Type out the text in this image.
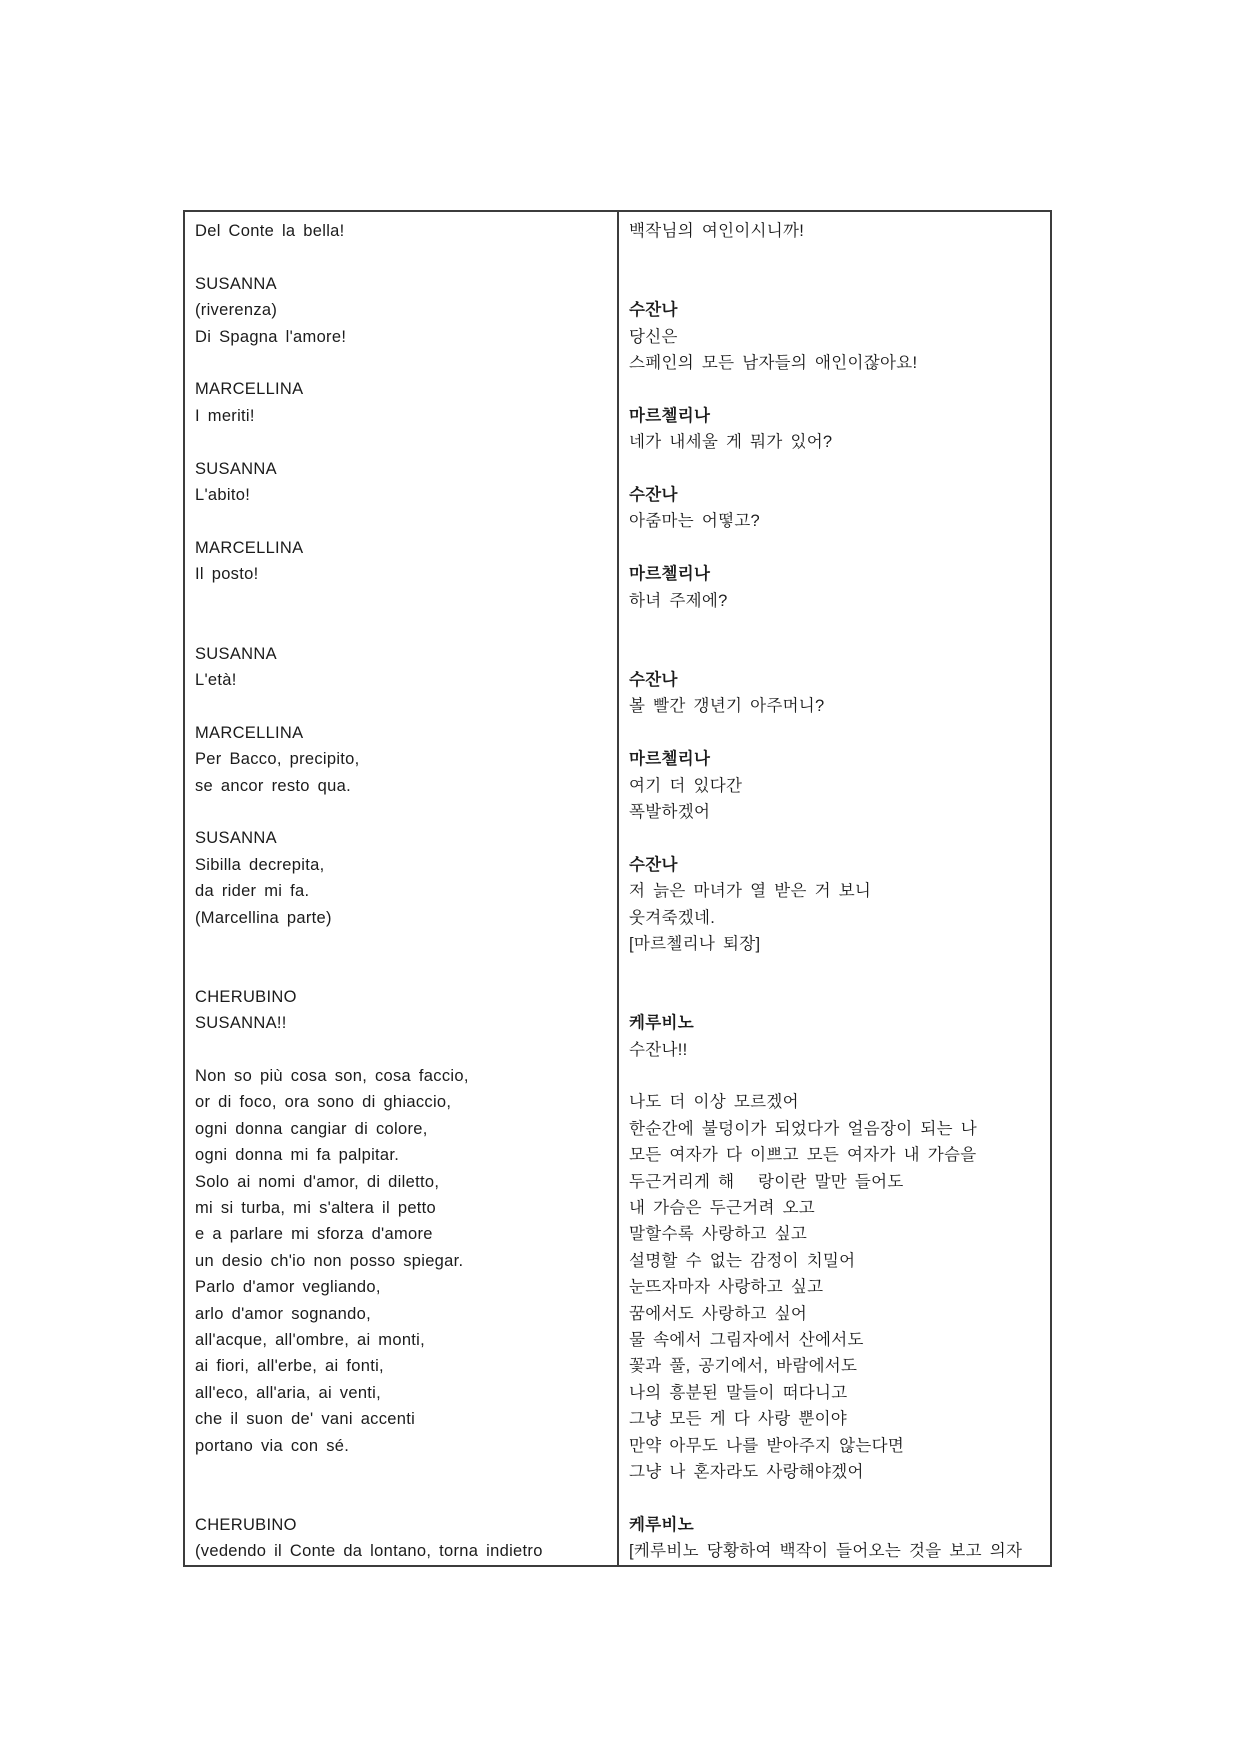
Del Conte la bella!

SUSANNA
(riverenza)
Di Spagna l'amore!

MARCELLINA
I meriti!

SUSANNA
L'abito!

MARCELLINA
Il posto!

SUSANNA
L'età!

MARCELLINA
Per Bacco, precipito,
se ancor resto qua.

SUSANNA
Sibilla decrepita,
da rider mi fa.
(Marcellina parte)

CHERUBINO
SUSANNA!!

Non so più cosa son, cosa faccio,
or di foco, ora sono di ghiaccio,
ogni donna cangiar di colore,
ogni donna mi fa palpitar.
Solo ai nomi d'amor, di diletto,
mi si turba, mi s'altera il petto
e a parlare mi sforza d'amore
un desio ch'io non posso spiegar.
Parlo d'amor vegliando,
arlo d'amor sognando,
all'acque, all'ombre, ai monti,
ai fiori, all'erbe, ai fonti,
all'eco, all'aria, ai venti,
che il suon de' vani accenti
portano via con sé.

CHERUBINO
(vedendo il Conte da lontano, torna indietro
백작님의 여인이시니까!

수잔나
당신은
스페인의 모든 남자들의 애인이잖아요!

마르첼리나
네가 내세울 게 뭐가 있어?

수잔나
아줌마는 어떻고?

마르첼리나
하녀 주제에?

수잔나
볼 빨간 갱년기 아주머니?

마르첼리나
여기 더 있다간
폭발하겠어

수잔나
저 늙은 마녀가 열 받은 거 보니
웃겨죽겠네.
[마르첼리나 퇴장]

케루비노
수잔나!!

나도 더 이상 모르겠어
한순간에 불덩이가 되었다가 얼음장이 되는 나
모든 여자가 다 이쁘고 모든 여자가 내 가슴을
두근거리게 해   랑이란 말만 들어도
내 가슴은 두근거려 오고
말할수록 사랑하고 싶고
설명할 수 없는 감정이 치밀어
눈뜨자마자 사랑하고 싶고
꿈에서도 사랑하고 싶어
물 속에서 그림자에서 산에서도
꽃과 풀, 공기에서, 바람에서도
나의 흥분된 말들이 떠다니고
그냥 모든 게 다 사랑 뿐이야
만약 아무도 나를 받아주지 않는다면
그냥 나 혼자라도 사랑해야겠어

케루비노
[케루비노 당황하여 백작이 들어오는 것을 보고 의자
